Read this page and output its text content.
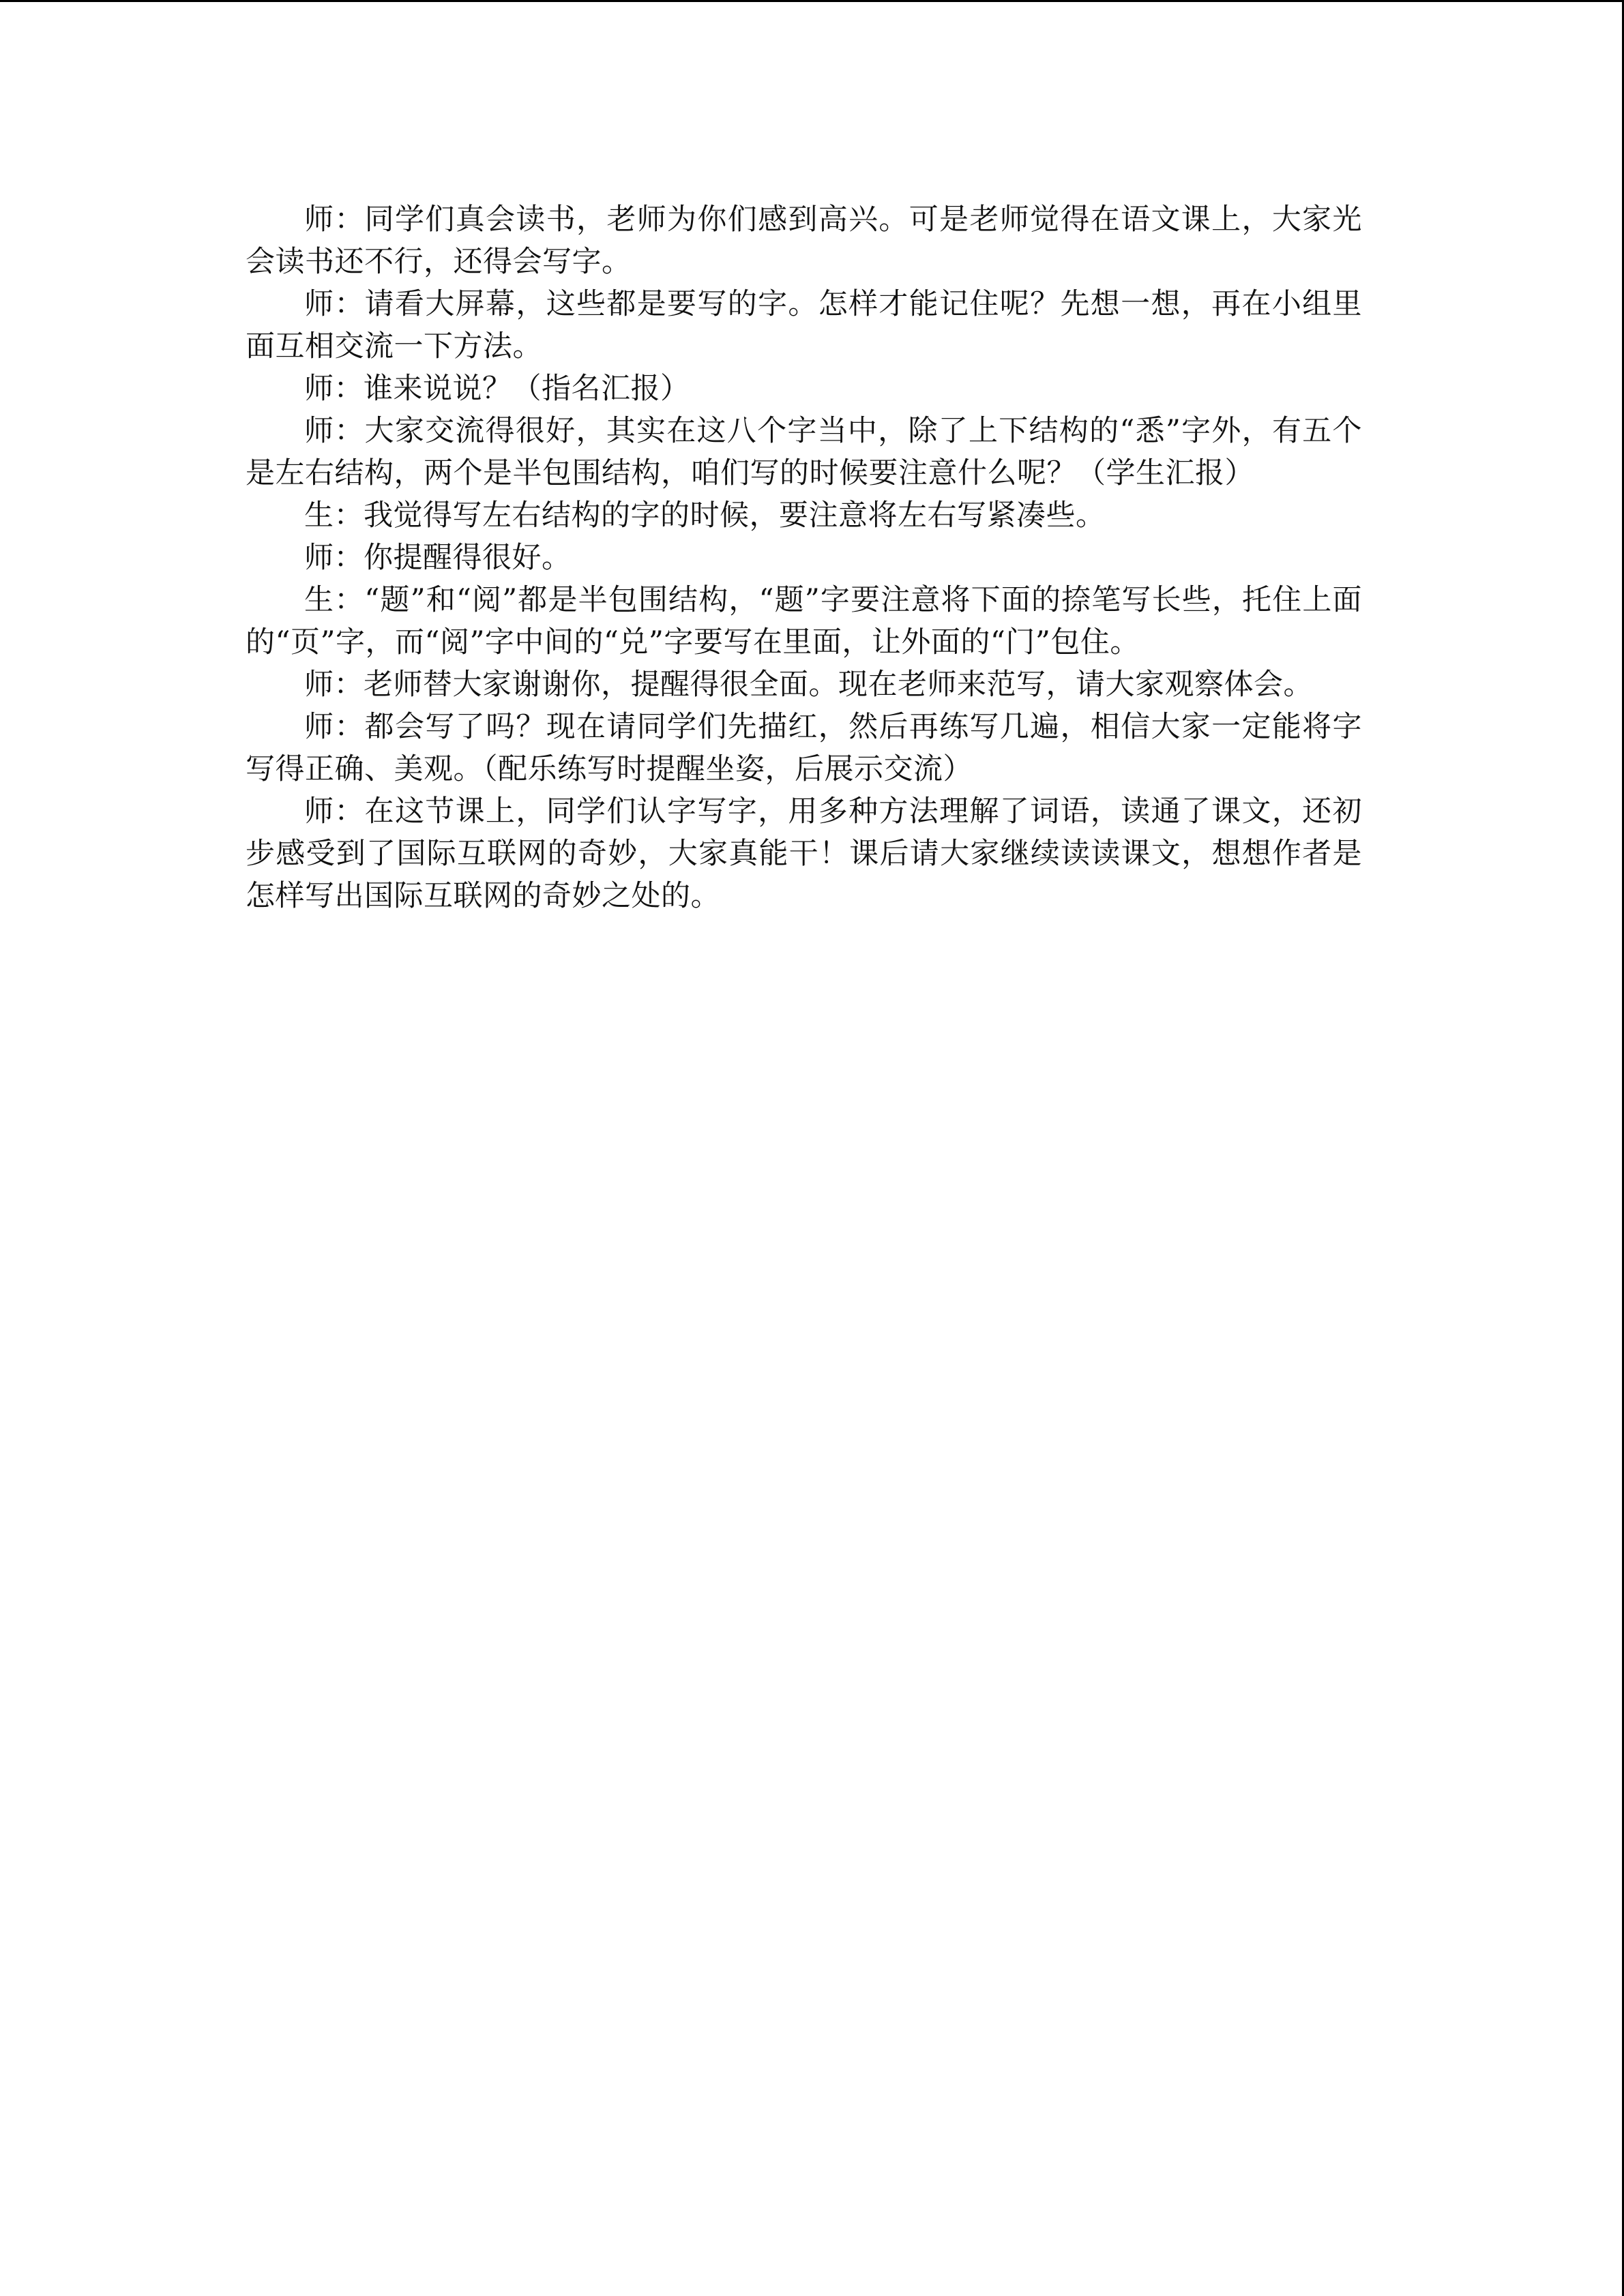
师：同学们真会读书，老师为你们感到高兴。可是老师觉得在语文课上，大家光会读书还不行，还得会写字。

师：请看大屏幕，这些都是要写的字。怎样才能记住呢？先想一想，再在小组里面互相交流一下方法。

师：谁来说说？（指名汇报）

师：大家交流得很好，其实在这八个字当中，除了上下结构的“悉”字外，有五个是左右结构，两个是半包围结构，咱们写的时候要注意什么呢？（学生汇报）

生：我觉得写左右结构的字的时候，要注意将左右写紧凑些。

师：你提醒得很好。

生：“题”和“阅”都是半包围结构，“题”字要注意将下面的捺笔写长些，托住上面的“页”字，而“阅”字中间的“兑”字要写在里面，让外面的“门”包住。

师：老师替大家谢谢你，提醒得很全面。现在老师来范写，请大家观察体会。

师：都会写了吗？现在请同学们先描红，然后再练写几遍，相信大家一定能将字写得正确、美观。（配乐练写时提醒坐姿，后展示交流）

师：在这节课上，同学们认字写字，用多种方法理解了词语，读通了课文，还初步感受到了国际互联网的奇妙，大家真能干！课后请大家继续读读课文，想想作者是怎样写出国际互联网的奇妙之处的。
